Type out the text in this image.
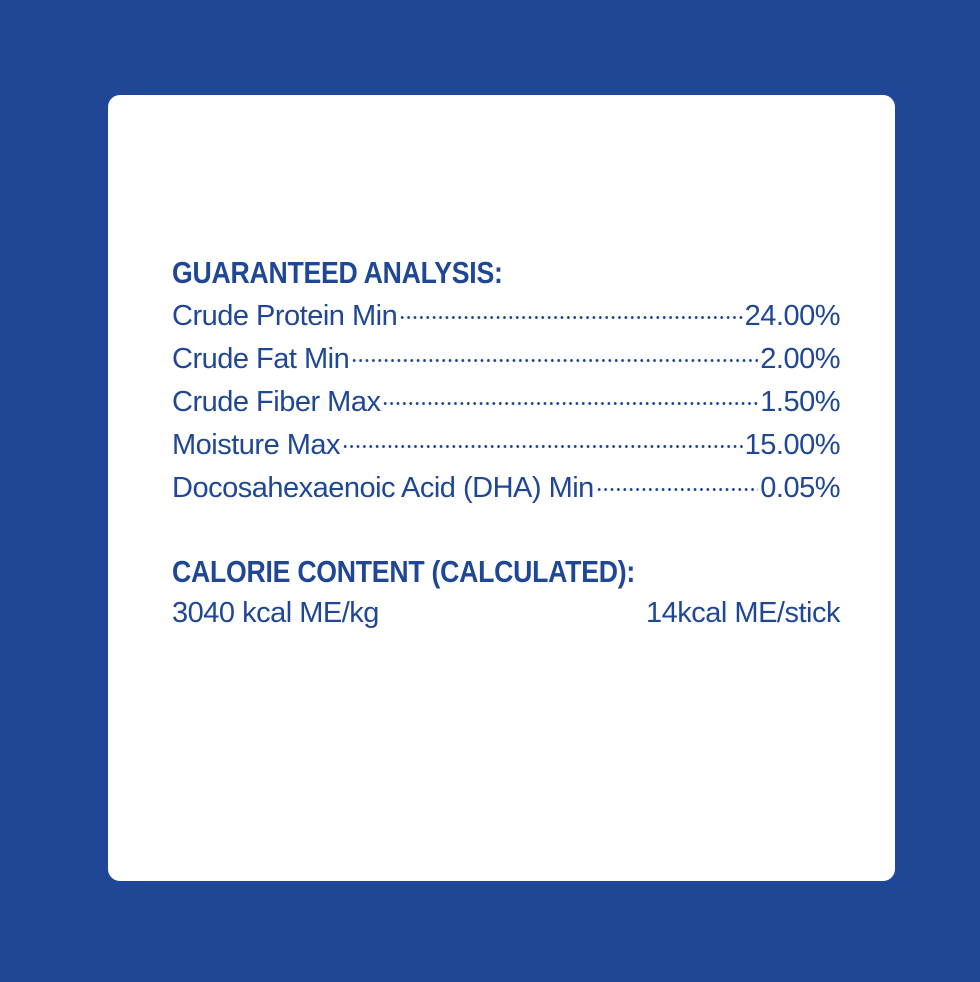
GUARANTEED ANALYSIS:
Crude Protein Min	24.00%
Crude Fat Min	2.00%
Crude Fiber Max	1.50%
Moisture Max	15.00%
Docosahexaenoic Acid (DHA) Min	0.05%
CALORIE CONTENT (CALCULATED):
3040 kcal ME/kg	14kcal ME/stick
